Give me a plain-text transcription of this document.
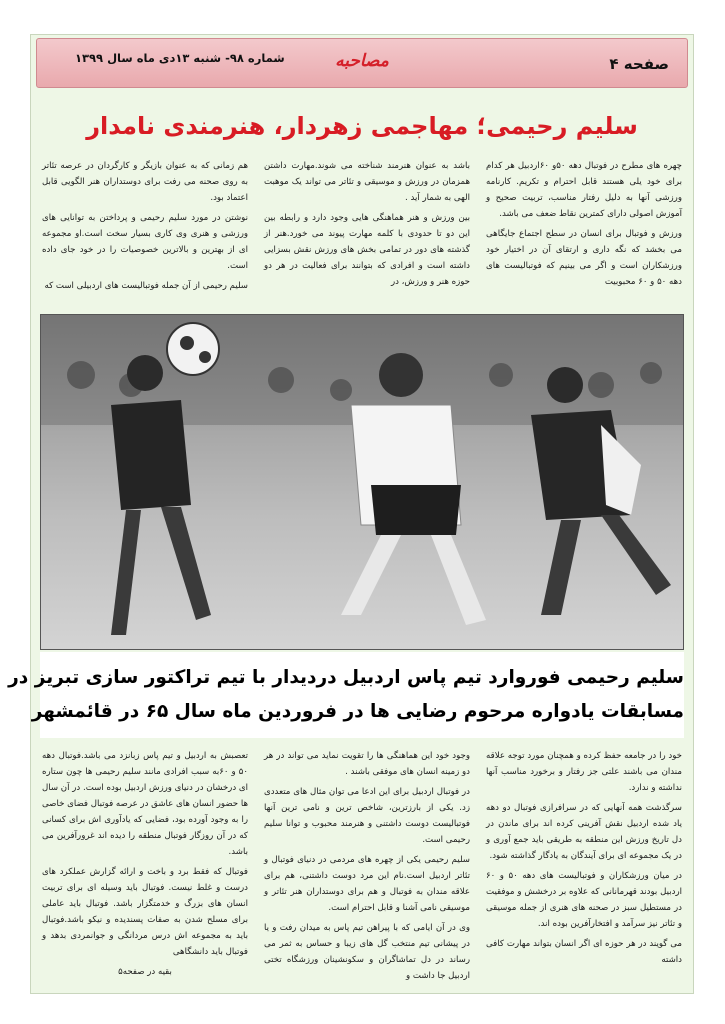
صفحه ۴
مصاحبه
شماره ۹۸- شنبه ۱۳دی ماه سال ۱۳۹۹
سلیم رحیمی؛ مهاجمی زهردار، هنرمندی نامدار

چهره های مطرح در فوتبال دهه ۵۰و ۶۰اردبیل هر کدام برای خود یلی هستند قابل احترام و تکریم. کارنامه ورزشی آنها به دلیل رفتار مناسب، تربیت صحیح و آموزش اصولی دارای کمترین نقاط ضعف می باشد.

ورزش و فوتبال برای انسان در سطح اجتماع جایگاهی می بخشد که نگه داری و ارتقای آن در اختیار خود ورزشکاران است و اگر می بینیم که فوتبالیست های دهه ۵۰ و ۶۰ محبوبیت

باشد به عنوان هنرمند شناخته می شوند.مهارت داشتن همزمان در ورزش و موسیقی و تئاتر می تواند یک موهبت الهی به شمار آید .

بین ورزش و هنر هماهنگی هایی وجود دارد و رابطه بین این دو تا حدودی با کلمه مهارت پیوند می خورد.هنر از گذشته های دور در تمامی بخش های ورزش نقش بسزایی داشته است و افرادی که بتوانند برای فعالیت در هر دو حوزه هنر و ورزش، در

هم زمانی که به عنوان بازیگر و کارگردان در عرصه تئاتر به روی صحنه می رفت برای دوستداران هنر الگویی قابل اعتماد بود.

نوشتن در مورد سلیم رحیمی و پرداختن به توانایی های ورزشی و هنری وی کاری بسیار سخت است.او مجموعه ای از بهترین و بالاترین خصوصیات را در خود جای داده است.

سلیم رحیمی از آن جمله فوتبالیست های اردبیلی است که

سلیم رحیمی فوروارد تیم پاس اردبیل دردیدار با تیم تراکتور سازی تبریز در
مسابقات یادواره مرحوم رضایی ها در فروردین ماه سال ۶۵ در قائمشهر

خود را در جامعه حفظ کرده و همچنان مورد توجه علاقه مندان می باشند علتی جز رفتار و برخورد مناسب آنها نداشته و ندارد.

سرگذشت همه آنهایی که در سرافرازی فوتبال دو دهه یاد شده اردبیل نقش آفرینی کرده اند برای ماندن در دل تاریخ ورزش این منطقه به طریقی باید جمع آوری و در یک مجموعه ای برای آیندگان به یادگار گذاشته شود.

در میان ورزشکاران و فوتبالیست های دهه ۵۰ و ۶۰ اردبیل بودند قهرمانانی که علاوه بر درخشش و موفقیت در مستطیل سبز در صحنه های هنری از جمله موسیقی و تئاتر نیز سرآمد و افتخارآفرین بوده اند.

می گویند در هر حوزه ای اگر انسان بتواند مهارت کافی داشته

وجود خود این هماهنگی ها را تقویت نماید می تواند در هر دو زمینه انسان های موفقی باشند .

در فوتبال اردبیل برای این ادعا می توان مثال های متعددی زد. یکی از بارزترین، شاخص ترین و نامی ترین آنها فوتبالیست دوست داشتنی و هنرمند محبوب و توانا سلیم رحیمی است.

سلیم رحیمی یکی از چهره های مردمی در دنیای فوتبال و تئاتر اردبیل است.نام این مرد دوست داشتنی، هم برای علاقه مندان به فوتبال و هم برای دوستداران هنر تئاتر و موسیقی نامی آشنا و قابل احترام است.

وی در آن ایامی که با پیراهن تیم پاس به میدان رفت و یا در پیشانی تیم منتخب گل های زیبا و حساس به ثمر می رساند در دل تماشاگران و سکونشینان ورزشگاه تختی اردبیل جا داشت و

تعصبش به اردبیل و تیم پاس زبانزد می باشد.فوتبال دهه ۵۰ و ۶۰به سبب افرادی مانند سلیم رحیمی ها چون ستاره ای درخشان در دنیای ورزش اردبیل بوده است. در آن سال ها حضور انسان های عاشق در عرصه فوتبال فضای خاصی را به وجود آورده بود، فضایی که یادآوری اش برای کسانی که در آن روزگار فوتبال منطقه را دیده اند غرورآفرین می باشد.

فوتبال که فقط برد و باخت و ارائه گزارش عملکرد های درست و غلط نیست. فوتبال باید وسیله ای برای تربیت انسان های بزرگ و خدمتگزار باشد. فوتبال باید عاملی برای مسلح شدن به صفات پسندیده و نیکو باشد.فوتبال باید به مجموعه اش درس مردانگی و جوانمردی بدهد و فوتبال باید دانشگاهی

بقیه در صفحه۵
